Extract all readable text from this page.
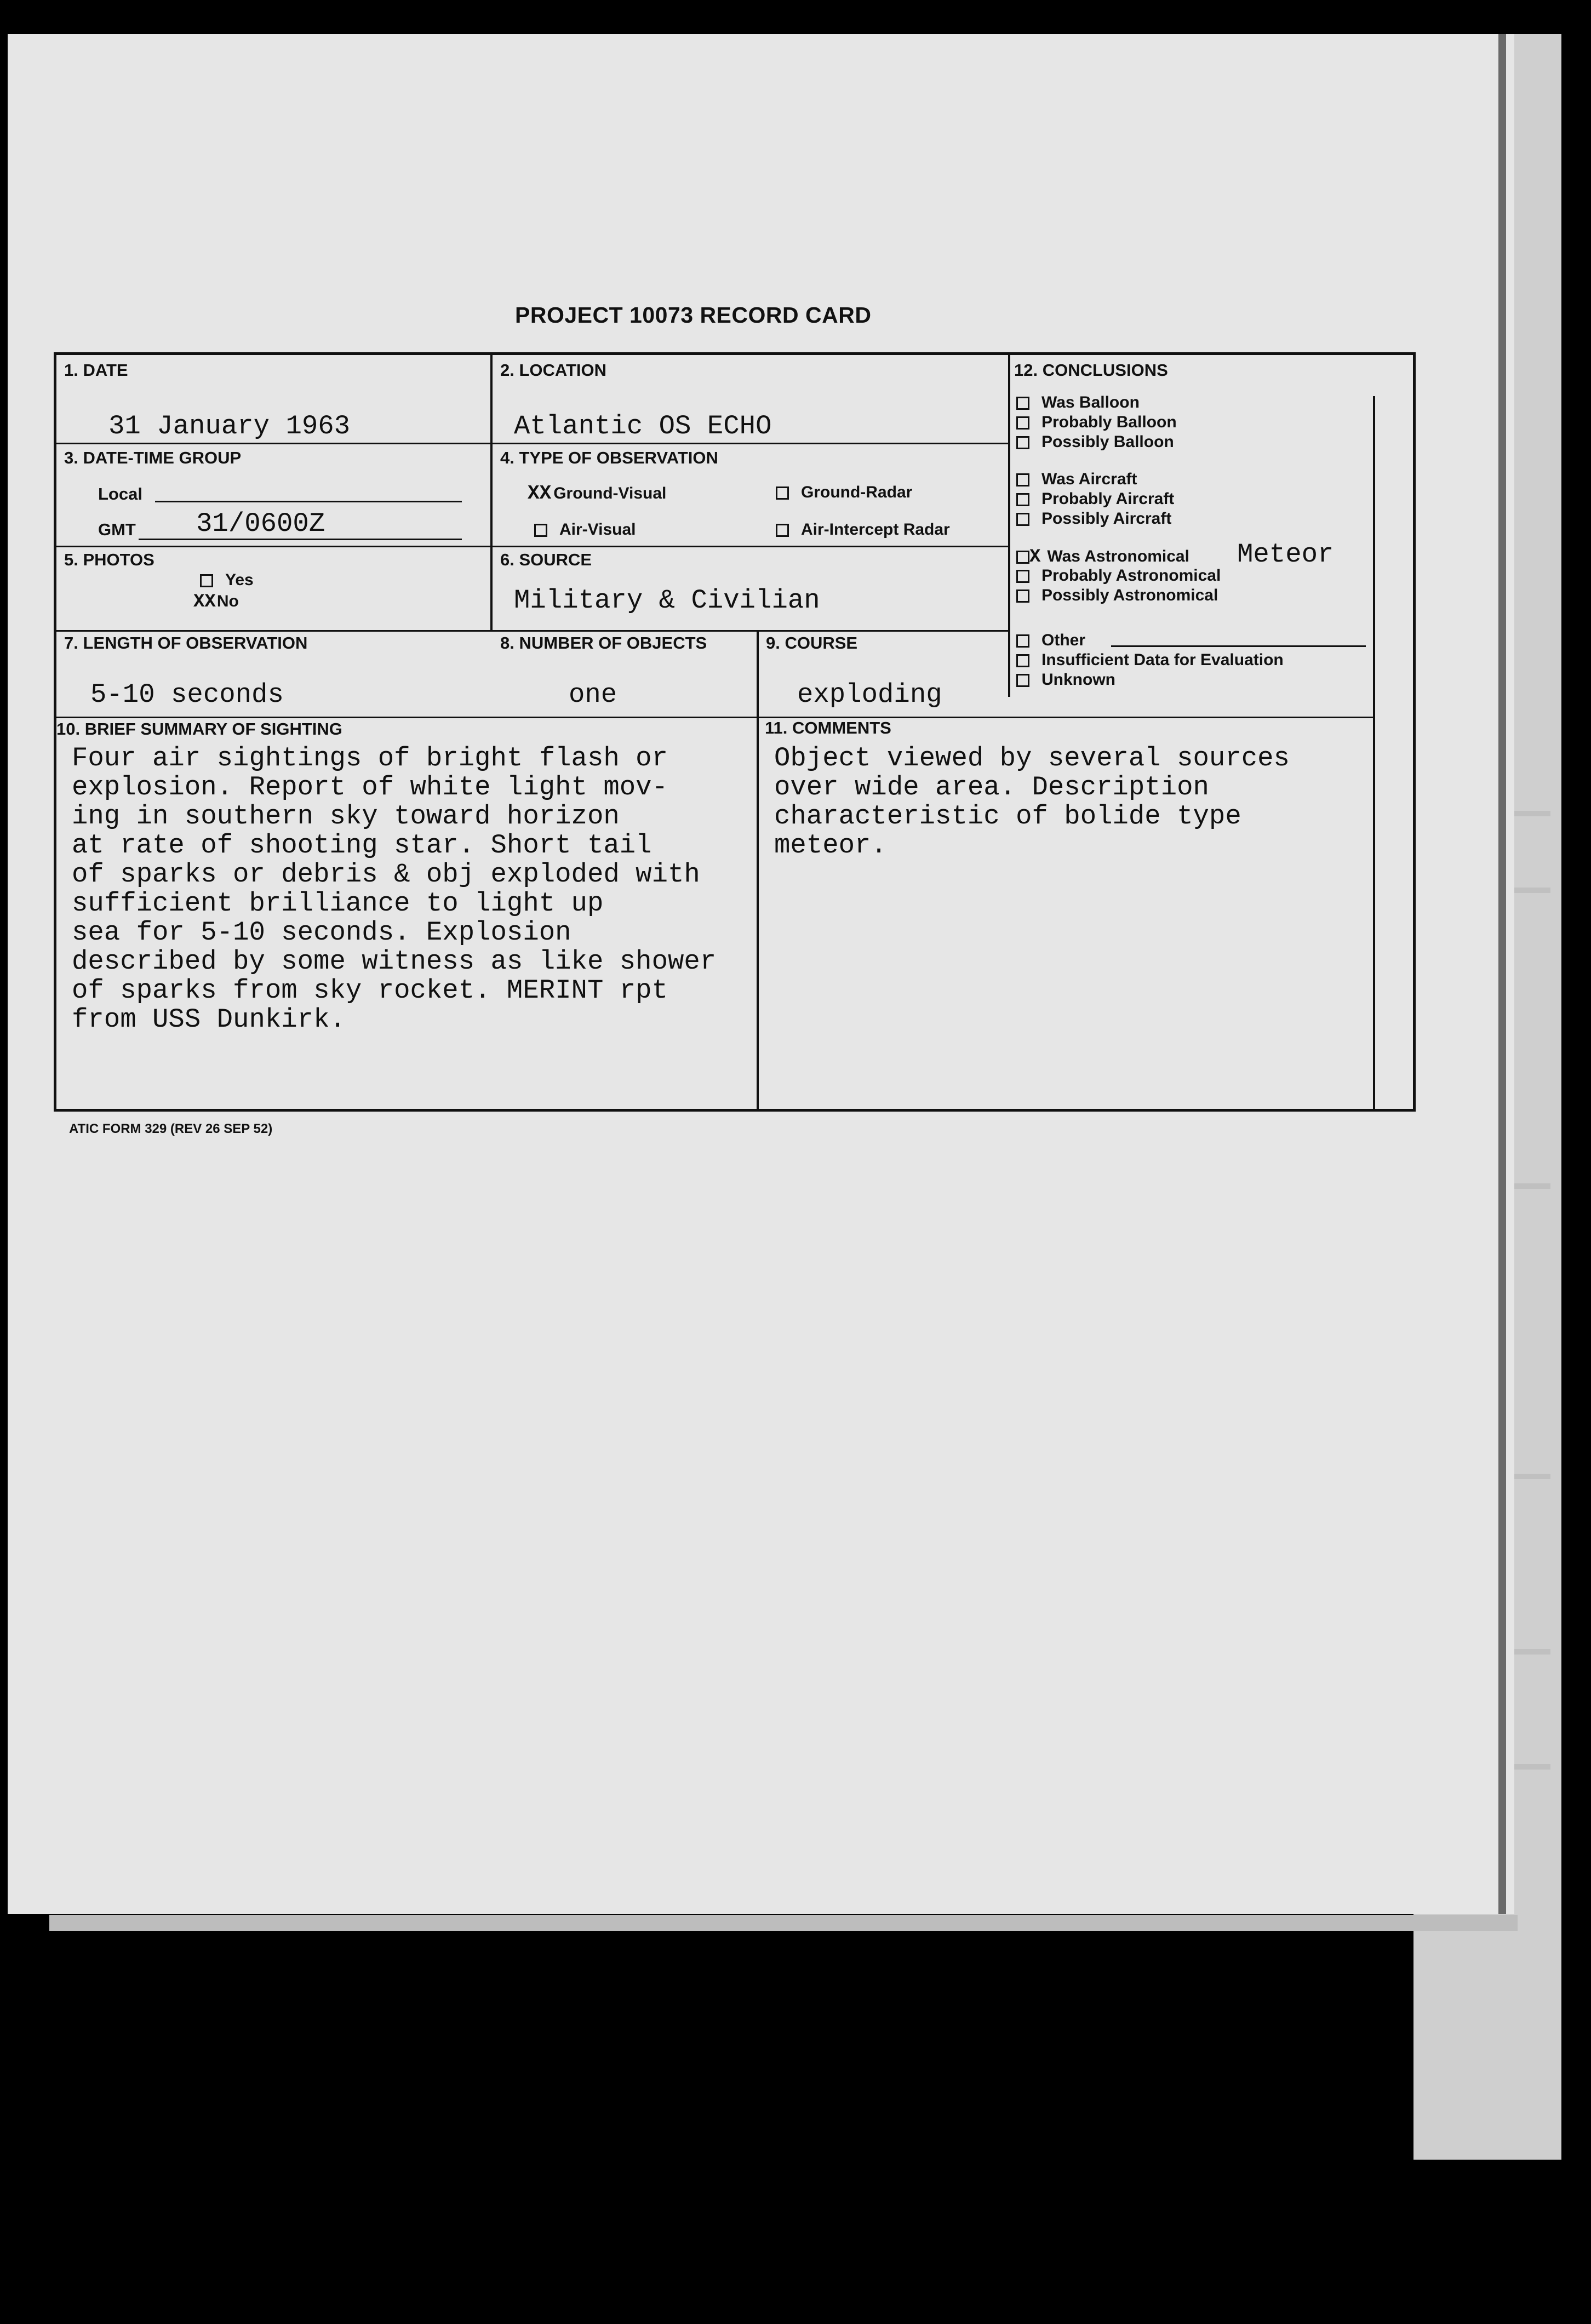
PROJECT 10073 RECORD CARD
1. DATE
31 January 1963
2. LOCATION
Atlantic OS ECHO
3. DATE-TIME GROUP
Local
GMT 31/0600Z
4. TYPE OF OBSERVATION
XX Ground-Visual	Ground-Radar
Air-Visual	Air-Intercept Radar
5. PHOTOS
Yes
XXNo
6. SOURCE
Military & Civilian
7. LENGTH OF OBSERVATION
5-10 seconds
8. NUMBER OF OBJECTS
one
9. COURSE
exploding
10. BRIEF SUMMARY OF SIGHTING
Four air sightings of bright flash or
explosion. Report of white light mov-
ing in southern sky toward horizon
at rate of shooting star. Short tail
of sparks or debris & obj exploded with
sufficient brilliance to light up
sea for 5-10 seconds. Explosion
described by some witness as like shower
of sparks from sky rocket. MERINT rpt
from USS Dunkirk.
11. COMMENTS
Object viewed by several sources
over wide area. Description
characteristic of bolide type
meteor.
12. CONCLUSIONS
Was Balloon
Probably Balloon
Possibly Balloon
Was Aircraft
Probably Aircraft
Possibly Aircraft
X Was Astronomical Meteor
Probably Astronomical
Possibly Astronomical
Other
Insufficient Data for Evaluation
Unknown
ATIC FORM 329 (REV 26 SEP 52)
